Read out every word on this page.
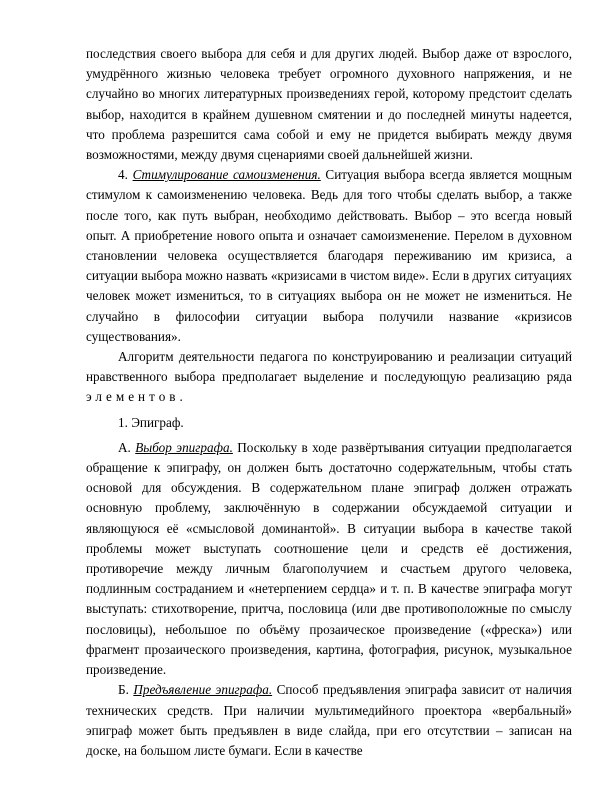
последствия своего выбора для себя и для других людей. Выбор даже от взрослого, умудрённого жизнью человека требует огромного духовного напряжения, и не случайно во многих литературных произведениях герой, которому предстоит сделать выбор, находится в крайнем душевном смятении и до последней минуты надеется, что проблема разрешится сама собой и ему не придется выбирать между двумя возможностями, между двумя сценариями своей дальнейшей жизни.

4. Стимулирование самоизменения. Ситуация выбора всегда является мощным стимулом к самоизменению человека. Ведь для того чтобы сделать выбор, а также после того, как путь выбран, необходимо действовать. Выбор – это всегда новый опыт. А приобретение нового опыта и означает самоизменение. Перелом в духовном становлении человека осуществляется благодаря переживанию им кризиса, а ситуации выбора можно назвать «кризисами в чистом виде». Если в других ситуациях человек может измениться, то в ситуациях выбора он не может не измениться. Не случайно в философии ситуации выбора получили название «кризисов существования».

Алгоритм деятельности педагога по конструированию и реализации ситуаций нравственного выбора предполагает выделение и последующую реализацию ряда элементов.

1. Эпиграф.

А. Выбор эпиграфа. Поскольку в ходе развёртывания ситуации предполагается обращение к эпиграфу, он должен быть достаточно содержательным, чтобы стать основой для обсуждения. В содержательном плане эпиграф должен отражать основную проблему, заключённую в содержании обсуждаемой ситуации и являющуюся её «смысловой доминантой». В ситуации выбора в качестве такой проблемы может выступать соотношение цели и средств её достижения, противоречие между личным благополучием и счастьем другого человека, подлинным состраданием и «нетерпением сердца» и т. п. В качестве эпиграфа могут выступать: стихотворение, притча, пословица (или две противоположные по смыслу пословицы), небольшое по объёму прозаическое произведение («фреска») или фрагмент прозаического произведения, картина, фотография, рисунок, музыкальное произведение.

Б. Предъявление эпиграфа. Способ предъявления эпиграфа зависит от наличия технических средств. При наличии мультимедийного проектора «вербальный» эпиграф может быть предъявлен в виде слайда, при его отсутствии – записан на доске, на большом листе бумаги. Если в качестве
